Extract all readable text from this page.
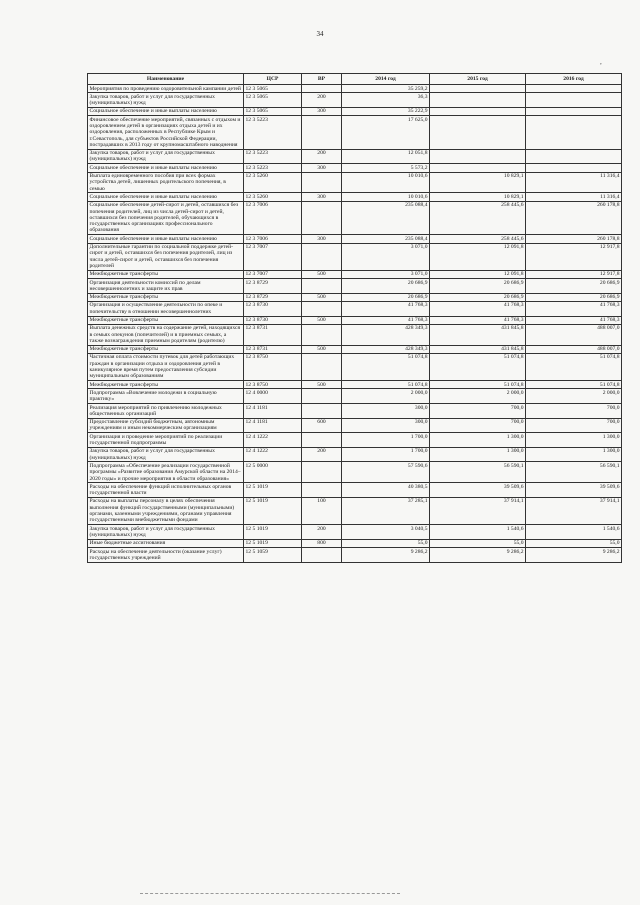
34
,
Наименование	ЦСР	ВР	2014 год	2015 год	2016 год
Мероприятия по проведению оздоровительной кампании детей	12 3 5065		35 259,2		
Закупка товаров, работ и услуг для государственных (муниципальных) нужд	12 3 5065	200	36,3		
Социальное обеспечение и иные выплаты населению	12 3 5065	300	35 222,9		
Финансовое обеспечение мероприятий, связанных с отдыхом и оздоровлением детей в организациях отдыха детей и их оздоровления, расположенных в Республике Крым и г.Севастополь, для субъектов Российской Федерации, пострадавших в 2013 году от крупномасштабного наводнения	12 3 5223		17 625,0		
Закупка товаров, работ и услуг для государственных (муниципальных) нужд	12 3 5223	200	12 051,8		
Социальное обеспечение и иные выплаты населению	12 3 5223	300	5 573,2		
Выплата единовременного пособия при всех формах устройства детей, лишенных родительского попечения, в семью	12 3 5260		10 010,6	10 829,1	11 316,4
Социальное обеспечение и иные выплаты населению	12 3 5260	300	10 010,6	10 829,1	11 316,4
Социальное обеспечение детей-сирот и детей, оставшихся без попечения родителей, лиц из числа детей-сирот и детей, оставшихся без попечения родителей, обучающихся в государственных организациях профессионального образования	12 3 7006		235 088,4	258 445,6	260 178,8
Социальное обеспечение и иные выплаты населению	12 3 7006	300	235 088,4	258 445,6	260 178,8
Дополнительные гарантии по социальной поддержке детей-сирот и детей, оставшихся без попечения родителей, лиц из числа детей-сирот и детей, оставшихся без попечения родителей	12 3 7007		3 071,0	12 091,8	12 917,8
Межбюджетные трансферты	12 3 7007	500	3 071,0	12 091,8	12 917,8
Организация деятельности комиссий по делам несовершеннолетних и защите их прав	12 3 8729		20 686,9	20 686,9	20 686,9
Межбюджетные трансферты	12 3 8729	500	20 686,9	20 686,9	20 686,9
Организация и осуществление деятельности по опеке и попечительству в отношении несовершеннолетних	12 3 8730		41 768,3	41 768,3	41 768,3
Межбюджетные трансферты	12 3 8730	500	41 768,3	41 768,3	41 768,3
Выплата денежных средств на содержание детей, находящихся в семьях опекунов (попечителей) и в приемных семьях, а также вознаграждения приемным родителям (родителю)	12 3 8731		428 349,3	431 845,8	488 007,0
Межбюджетные трансферты	12 3 8731	500	428 349,3	431 845,8	488 007,0
Частичная оплата стоимости путевок для детей работающих граждан в организации отдыха и оздоровления детей в каникулярное время путем предоставления субсидии муниципальным образованиям	12 3 8750		51 074,8	51 074,8	51 074,8
Межбюджетные трансферты	12 3 8750	500	51 074,8	51 074,8	51 074,8
Подпрограмма «Вовлечение молодежи в социальную практику»	12 4 0000		2 000,0	2 000,0	2 000,0
Реализация мероприятий по привлечению молодежных общественных организаций	12 4 1181		300,0	700,0	700,0
Предоставление субсидий бюджетным, автономным учреждениям и иным некоммерческим организациям	12 4 1181	600	300,0	700,0	700,0
Организация и проведение мероприятий по реализации государственной подпрограммы	12 4 1222		1 700,0	1 300,0	1 300,0
Закупка товаров, работ и услуг для государственных (муниципальных) нужд	12 4 1222	200	1 700,0	1 300,0	1 300,0
Подпрограмма «Обеспечение реализации государственной программы «Развитие образования Амурской области на 2014–2020 годы» и прочие мероприятия в области образования»	12 5 0000		57 590,6	56 590,1	56 590,1
Расходы на обеспечение функций исполнительных органов государственной власти	12 5 1019		40 380,5	39 509,6	39 509,6
Расходы на выплаты персоналу в целях обеспечения выполнения функций государственными (муниципальными) органами, казенными учреждениями, органами управления государственными внебюджетными фондами	12 5 1019	100	37 285,1	37 914,1	37 914,1
Закупка товаров, работ и услуг для государственных (муниципальных) нужд	12 5 1019	200	3 040,5	1 540,6	1 540,6
Иные бюджетные ассигнования	12 5 1019	800	55,0	55,0	55,0
Расходы на обеспечение деятельности (оказание услуг) государственных учреждений	12 5 1059		9 286,2	9 286,2	9 286,2
